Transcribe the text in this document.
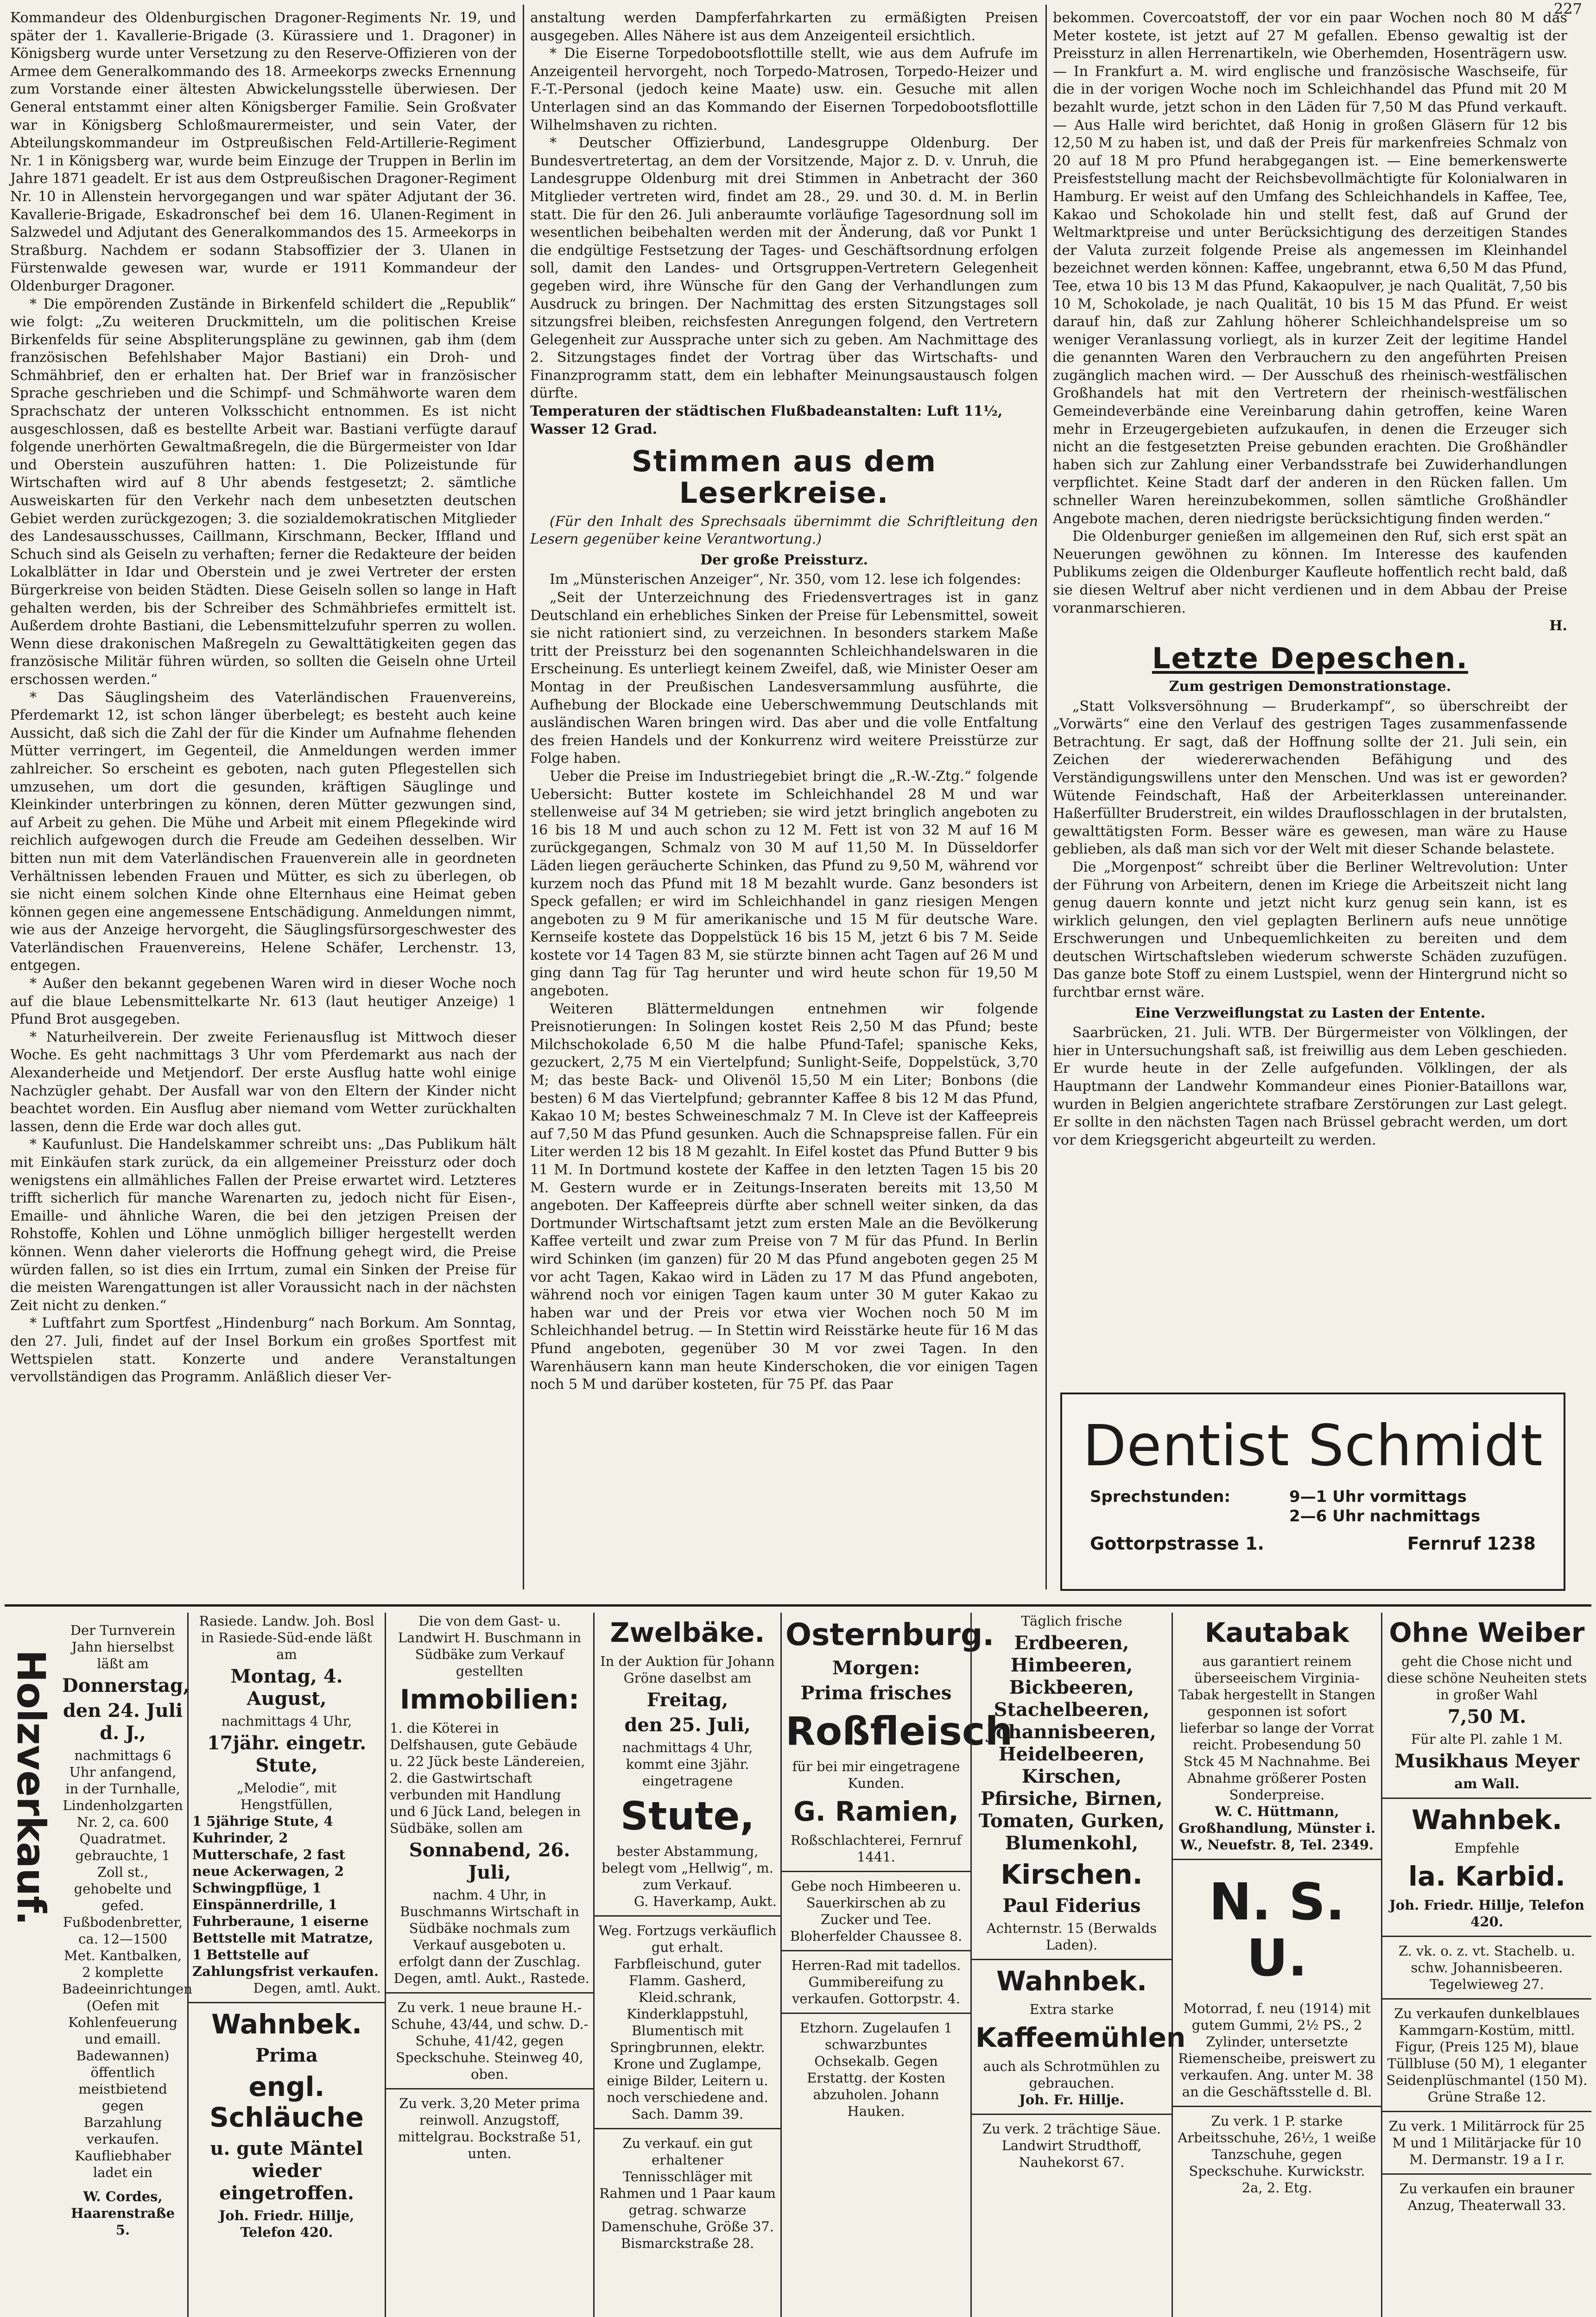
227

Kommandeur des Oldenburgischen Dragoner-Regiments Nr. 19, und später der 1. Kavallerie-Brigade (3. Kürassiere und 1. Dragoner) in Königsberg wurde unter Versetzung zu den Reserve-Offizieren von der Armee dem Generalkommando des 18. Armeekorps zwecks Ernennung zum Vorstande einer ältesten Abwickelungsstelle überwiesen. Der General entstammt einer alten Königsberger Familie. Sein Großvater war in Königsberg Schloßmaurermeister, und sein Vater, der Abteilungskommandeur im Ostpreußischen Feld-Artillerie-Regiment Nr. 1 in Königsberg war, wurde beim Einzuge der Truppen in Berlin im Jahre 1871 geadelt. Er ist aus dem Ostpreußischen Dragoner-Regiment Nr. 10 in Allenstein hervorgegangen und war später Adjutant der 36. Kavallerie-Brigade, Eskadronschef bei dem 16. Ulanen-Regiment in Salzwedel und Adjutant des Generalkommandos des 15. Armeekorps in Straßburg. Nachdem er sodann Stabsoffizier der 3. Ulanen in Fürstenwalde gewesen war, wurde er 1911 Kommandeur der Oldenburger Dragoner.

* Die empörenden Zustände in Birkenfeld schildert die „Republik“ wie folgt: „Zu weiteren Druckmitteln, um die politischen Kreise Birkenfelds für seine Abspliterungspläne zu gewinnen, gab ihm (dem französischen Befehlshaber Major Bastiani) ein Droh- und Schmähbrief, den er erhalten hat. Der Brief war in französischer Sprache geschrieben und die Schimpf- und Schmähworte waren dem Sprachschatz der unteren Volksschicht entnommen. Es ist nicht ausgeschlossen, daß es bestellte Arbeit war. Bastiani verfügte darauf folgende unerhörten Gewaltmaßregeln, die die Bürgermeister von Idar und Oberstein auszuführen hatten: 1. Die Polizeistunde für Wirtschaften wird auf 8 Uhr abends festgesetzt; 2. sämtliche Ausweiskarten für den Verkehr nach dem unbesetzten deutschen Gebiet werden zurückgezogen; 3. die sozialdemokratischen Mitglieder des Landesausschusses, Caillmann, Kirschmann, Becker, Iffland und Schuch sind als Geiseln zu verhaften; ferner die Redakteure der beiden Lokalblätter in Idar und Oberstein und je zwei Vertreter der ersten Bürgerkreise von beiden Städten. Diese Geiseln sollen so lange in Haft gehalten werden, bis der Schreiber des Schmähbriefes ermittelt ist. Außerdem drohte Bastiani, die Lebensmittelzufuhr sperren zu wollen. Wenn diese drakonischen Maßregeln zu Gewalttätigkeiten gegen das französische Militär führen würden, so sollten die Geiseln ohne Urteil erschossen werden.“

* Das Säuglingsheim des Vaterländischen Frauenvereins, Pferdemarkt 12, ist schon länger überbelegt; es besteht auch keine Aussicht, daß sich die Zahl der für die Kinder um Aufnahme flehenden Mütter verringert, im Gegenteil, die Anmeldungen werden immer zahlreicher. So erscheint es geboten, nach guten Pflegestellen sich umzusehen, um dort die gesunden, kräftigen Säuglinge und Kleinkinder unterbringen zu können, deren Mütter gezwungen sind, auf Arbeit zu gehen. Die Mühe und Arbeit mit einem Pflegekinde wird reichlich aufgewogen durch die Freude am Gedeihen desselben. Wir bitten nun mit dem Vaterländischen Frauenverein alle in geordneten Verhältnissen lebenden Frauen und Mütter, es sich zu überlegen, ob sie nicht einem solchen Kinde ohne Elternhaus eine Heimat geben können gegen eine angemessene Entschädigung. Anmeldungen nimmt, wie aus der Anzeige hervorgeht, die Säuglingsfürsorgeschwester des Vaterländischen Frauenvereins, Helene Schäfer, Lerchenstr. 13, entgegen.

* Außer den bekannt gegebenen Waren wird in dieser Woche noch auf die blaue Lebensmittelkarte Nr. 613 (laut heutiger Anzeige) 1 Pfund Brot ausgegeben.

* Naturheilverein. Der zweite Ferienausflug ist Mittwoch dieser Woche. Es geht nachmittags 3 Uhr vom Pferdemarkt aus nach der Alexanderheide und Metjendorf. Der erste Ausflug hatte wohl einige Nachzügler gehabt. Der Ausfall war von den Eltern der Kinder nicht beachtet worden. Ein Ausflug aber niemand vom Wetter zurückhalten lassen, denn die Erde war doch alles gut.

* Kaufunlust. Die Handelskammer schreibt uns: „Das Publikum hält mit Einkäufen stark zurück, da ein allgemeiner Preissturz oder doch wenigstens ein allmähliches Fallen der Preise erwartet wird. Letzteres trifft sicherlich für manche Warenarten zu, jedoch nicht für Eisen-, Emaille- und ähnliche Waren, die bei den jetzigen Preisen der Rohstoffe, Kohlen und Löhne unmöglich billiger hergestellt werden können. Wenn daher vielerorts die Hoffnung gehegt wird, die Preise würden fallen, so ist dies ein Irrtum, zumal ein Sinken der Preise für die meisten Warengattungen ist aller Voraussicht nach in der nächsten Zeit nicht zu denken.“

* Luftfahrt zum Sportfest „Hindenburg“ nach Borkum. Am Sonntag, den 27. Juli, findet auf der Insel Borkum ein großes Sportfest mit Wettspielen statt. Konzerte und andere Veranstaltungen vervollständigen das Programm. Anläßlich dieser Ver-

anstaltung werden Dampferfahrkarten zu ermäßigten Preisen ausgegeben. Alles Nähere ist aus dem Anzeigenteil ersichtlich.

* Die Eiserne Torpedobootsflottille stellt, wie aus dem Aufrufe im Anzeigenteil hervorgeht, noch Torpedo-Matrosen, Torpedo-Heizer und F.-T.-Personal (jedoch keine Maate) usw. ein. Gesuche mit allen Unterlagen sind an das Kommando der Eisernen Torpedobootsflottille Wilhelmshaven zu richten.

* Deutscher Offizierbund, Landesgruppe Oldenburg. Der Bundesvertretertag, an dem der Vorsitzende, Major z. D. v. Unruh, die Landesgruppe Oldenburg mit drei Stimmen in Anbetracht der 360 Mitglieder vertreten wird, findet am 28., 29. und 30. d. M. in Berlin statt. Die für den 26. Juli anberaumte vorläufige Tagesordnung soll im wesentlichen beibehalten werden mit der Änderung, daß vor Punkt 1 die endgültige Festsetzung der Tages- und Geschäftsordnung erfolgen soll, damit den Landes- und Ortsgruppen-Vertretern Gelegenheit gegeben wird, ihre Wünsche für den Gang der Verhandlungen zum Ausdruck zu bringen. Der Nachmittag des ersten Sitzungstages soll sitzungsfrei bleiben, reichsfesten Anregungen folgend, den Vertretern Gelegenheit zur Aussprache unter sich zu geben. Am Nachmittage des 2. Sitzungstages findet der Vortrag über das Wirtschafts- und Finanzprogramm statt, dem ein lebhafter Meinungsaustausch folgen dürfte.

Temperaturen der städtischen Flußbadeanstalten: Luft 11½, Wasser 12 Grad.

Stimmen aus dem Leserkreise.

(Für den Inhalt des Sprechsaals übernimmt die Schriftleitung den Lesern gegenüber keine Verantwortung.)

Der große Preissturz.

Im „Münsterischen Anzeiger“, Nr. 350, vom 12. lese ich folgendes:

„Seit der Unterzeichnung des Friedensvertrages ist in ganz Deutschland ein erhebliches Sinken der Preise für Lebensmittel, soweit sie nicht rationiert sind, zu verzeichnen. In besonders starkem Maße tritt der Preissturz bei den sogenannten Schleichhandelswaren in die Erscheinung. Es unterliegt keinem Zweifel, daß, wie Minister Oeser am Montag in der Preußischen Landesversammlung ausführte, die Aufhebung der Blockade eine Ueberschwemmung Deutschlands mit ausländischen Waren bringen wird. Das aber und die volle Entfaltung des freien Handels und der Konkurrenz wird weitere Preisstürze zur Folge haben.

Ueber die Preise im Industriegebiet bringt die „R.-W.-Ztg.“ folgende Uebersicht: Butter kostete im Schleichhandel 28 M und war stellenweise auf 34 M getrieben; sie wird jetzt bringlich angeboten zu 16 bis 18 M und auch schon zu 12 M. Fett ist von 32 M auf 16 M zurückgegangen, Schmalz von 30 M auf 11,50 M. In Düsseldorfer Läden liegen geräucherte Schinken, das Pfund zu 9,50 M, während vor kurzem noch das Pfund mit 18 M bezahlt wurde. Ganz besonders ist Speck gefallen; er wird im Schleichhandel in ganz riesigen Mengen angeboten zu 9 M für amerikanische und 15 M für deutsche Ware. Kernseife kostete das Doppelstück 16 bis 15 M, jetzt 6 bis 7 M. Seide kostete vor 14 Tagen 83 M, sie stürzte binnen acht Tagen auf 26 M und ging dann Tag für Tag herunter und wird heute schon für 19,50 M angeboten.

Weiteren Blättermeldungen entnehmen wir folgende Preisnotierungen: In Solingen kostet Reis 2,50 M das Pfund; beste Milchschokolade 6,50 M die halbe Pfund-Tafel; spanische Keks, gezuckert, 2,75 M ein Viertelpfund; Sunlight-Seife, Doppelstück, 3,70 M; das beste Back- und Olivenöl 15,50 M ein Liter; Bonbons (die besten) 6 M das Viertelpfund; gebrannter Kaffee 8 bis 12 M das Pfund, Kakao 10 M; bestes Schweineschmalz 7 M. In Cleve ist der Kaffeepreis auf 7,50 M das Pfund gesunken. Auch die Schnapspreise fallen. Für ein Liter werden 12 bis 18 M gezahlt. In Eifel kostet das Pfund Butter 9 bis 11 M. In Dortmund kostete der Kaffee in den letzten Tagen 15 bis 20 M. Gestern wurde er in Zeitungs-Inseraten bereits mit 13,50 M angeboten. Der Kaffeepreis dürfte aber schnell weiter sinken, da das Dortmunder Wirtschaftsamt jetzt zum ersten Male an die Bevölkerung Kaffee verteilt und zwar zum Preise von 7 M für das Pfund. In Berlin wird Schinken (im ganzen) für 20 M das Pfund angeboten gegen 25 M vor acht Tagen, Kakao wird in Läden zu 17 M das Pfund angeboten, während noch vor einigen Tagen kaum unter 30 M guter Kakao zu haben war und der Preis vor etwa vier Wochen noch 50 M im Schleichhandel betrug. — In Stettin wird Reisstärke heute für 16 M das Pfund angeboten, gegenüber 30 M vor zwei Tagen. In den Warenhäusern kann man heute Kinderschoken, die vor einigen Tagen noch 5 M und darüber kosteten, für 75 Pf. das Paar

bekommen. Covercoatstoff, der vor ein paar Wochen noch 80 M das Meter kostete, ist jetzt auf 27 M gefallen. Ebenso gewaltig ist der Preissturz in allen Herrenartikeln, wie Oberhemden, Hosenträgern usw. — In Frankfurt a. M. wird englische und französische Waschseife, für die in der vorigen Woche noch im Schleichhandel das Pfund mit 20 M bezahlt wurde, jetzt schon in den Läden für 7,50 M das Pfund verkauft. — Aus Halle wird berichtet, daß Honig in großen Gläsern für 12 bis 12,50 M zu haben ist, und daß der Preis für markenfreies Schmalz von 20 auf 18 M pro Pfund herabgegangen ist. — Eine bemerkenswerte Preisfeststellung macht der Reichsbevollmächtigte für Kolonialwaren in Hamburg. Er weist auf den Umfang des Schleichhandels in Kaffee, Tee, Kakao und Schokolade hin und stellt fest, daß auf Grund der Weltmarktpreise und unter Berücksichtigung des derzeitigen Standes der Valuta zurzeit folgende Preise als angemessen im Kleinhandel bezeichnet werden können: Kaffee, ungebrannt, etwa 6,50 M das Pfund, Tee, etwa 10 bis 13 M das Pfund, Kakaopulver, je nach Qualität, 7,50 bis 10 M, Schokolade, je nach Qualität, 10 bis 15 M das Pfund. Er weist darauf hin, daß zur Zahlung höherer Schleichhandelspreise um so weniger Veranlassung vorliegt, als in kurzer Zeit der legitime Handel die genannten Waren den Verbrauchern zu den angeführten Preisen zugänglich machen wird. — Der Ausschuß des rheinisch-westfälischen Großhandels hat mit den Vertretern der rheinisch-westfälischen Gemeindeverbände eine Vereinbarung dahin getroffen, keine Waren mehr in Erzeugergebieten aufzukaufen, in denen die Erzeuger sich nicht an die festgesetzten Preise gebunden erachten. Die Großhändler haben sich zur Zahlung einer Verbandsstrafe bei Zuwiderhandlungen verpflichtet. Keine Stadt darf der anderen in den Rücken fallen. Um schneller Waren hereinzubekommen, sollen sämtliche Großhändler Angebote machen, deren niedrigste berücksichtigung finden werden.“

Die Oldenburger genießen im allgemeinen den Ruf, sich erst spät an Neuerungen gewöhnen zu können. Im Interesse des kaufenden Publikums zeigen die Oldenburger Kaufleute hoffentlich recht bald, daß sie diesen Weltruf aber nicht verdienen und in dem Abbau der Preise voranmarschieren.

H.

Letzte Depeschen.

Zum gestrigen Demonstrationstage.

„Statt Volksversöhnung — Bruderkampf“, so überschreibt der „Vorwärts“ eine den Verlauf des gestrigen Tages zusammenfassende Betrachtung. Er sagt, daß der Hoffnung sollte der 21. Juli sein, ein Zeichen der wiedererwachenden Befähigung und des Verständigungswillens unter den Menschen. Und was ist er geworden? Wütende Feindschaft, Haß der Arbeiterklassen untereinander. Haßerfüllter Bruderstreit, ein wildes Drauflosschlagen in der brutalsten, gewalttätigsten Form. Besser wäre es gewesen, man wäre zu Hause geblieben, als daß man sich vor der Welt mit dieser Schande belastete.

Die „Morgenpost“ schreibt über die Berliner Weltrevolution: Unter der Führung von Arbeitern, denen im Kriege die Arbeitszeit nicht lang genug dauern konnte und jetzt nicht kurz genug sein kann, ist es wirklich gelungen, den viel geplagten Berlinern aufs neue unnötige Erschwerungen und Unbequemlichkeiten zu bereiten und dem deutschen Wirtschaftsleben wiederum schwerste Schäden zuzufügen. Das ganze bote Stoff zu einem Lustspiel, wenn der Hintergrund nicht so furchtbar ernst wäre.

Eine Verzweiflungstat zu Lasten der Entente.

Saarbrücken, 21. Juli. WTB. Der Bürgermeister von Völklingen, der hier in Untersuchungshaft saß, ist freiwillig aus dem Leben geschieden. Er wurde heute in der Zelle aufgefunden. Völklingen, der als Hauptmann der Landwehr Kommandeur eines Pionier-Bataillons war, wurden in Belgien angerichtete strafbare Zerstörungen zur Last gelegt. Er sollte in den nächsten Tagen nach Brüssel gebracht werden, um dort vor dem Kriegsgericht abgeurteilt zu werden.

Dentist Schmidt
Sprechstunden:	9—1 Uhr vormittags
2—6 Uhr nachmittags
Gottorpstrasse 1.	Fernruf 1238
Holzverkauf.
Der Turnverein Jahn hierselbst läßt am
Donnerstag,
den 24. Juli d. J.,
nachmittags 6 Uhr anfangend,
in der Turnhalle, Lindenholzgarten Nr. 2, ca. 600 Quadratmet. gebrauchte, 1 Zoll st., gehobelte und gefed. Fußbodenbretter, ca. 12—1500 Met. Kantbalken, 2 komplette Badeeinrichtungen (Oefen mit Kohlenfeuerung und emaill. Badewannen) öffentlich meistbietend gegen Barzahlung verkaufen.
Kaufliebhaber ladet ein
W. Cordes, Haarenstraße 5.
Rasiede. Landw. Joh. Bosl in Rasiede-Süd-ende läßt am
Montag, 4. August,
nachmittags 4 Uhr,
17jähr. eingetr. Stute,
„Melodie“, mit Hengstfüllen,
1 5jährige Stute, 4 Kuhrinder, 2 Mutterschafe, 2 fast neue Ackerwagen, 2 Schwingpflüge, 1 Einspännerdrille, 1 Fuhrberaune, 1 eiserne Bettstelle mit Matratze, 1 Bettstelle auf Zahlungsfrist verkaufen.
Degen, amtl. Aukt.
Wahnbek.
Prima
engl. Schläuche
u. gute Mäntel wieder eingetroffen.
Joh. Friedr. Hillje, Telefon 420.
Die von dem Gast- u. Landwirt H. Buschmann in Südbäke zum Verkauf gestellten
Immobilien:
1. die Köterei in Delfshausen, gute Gebäude u. 22 Jück beste Ländereien, 2. die Gastwirtschaft verbunden mit Handlung und 6 Jück Land, belegen in Südbäke, sollen am
Sonnabend, 26. Juli,
nachm. 4 Uhr, in Buschmanns Wirtschaft in Südbäke nochmals zum Verkauf ausgeboten u. erfolgt dann der Zuschlag.
Degen, amtl. Aukt., Rastede.
Zu verk. 1 neue braune H.-Schuhe, 43/44, und schw. D.-Schuhe, 41/42, gegen Speckschuhe. Steinweg 40, oben.
Zu verk. 3,20 Meter prima reinwoll. Anzugstoff, mittelgrau. Bockstraße 51, unten.
Zwelbäke.
In der Auktion für Johann Gröne daselbst am
Freitag,
den 25. Juli,
nachmittags 4 Uhr, kommt eine 3jähr. eingetragene
Stute,
bester Abstammung, belegt vom „Hellwig“, m. zum Verkauf.
G. Haverkamp, Aukt.
Weg. Fortzugs verkäuflich gut erhalt. Farbfleischund, guter Flamm. Gasherd, Kleid.schrank, Kinderklappstuhl, Blumentisch mit Springbrunnen, elektr. Krone und Zuglampe, einige Bilder, Leitern u. noch verschiedene and. Sach. Damm 39.
Zu verkauf. ein gut erhaltener Tennisschläger mit Rahmen und 1 Paar kaum getrag. schwarze Damenschuhe, Größe 37. Bismarckstraße 28.
Osternburg.
Morgen:
Prima frisches
Roßfleisch
für bei mir eingetragene Kunden.
G. Ramien,
Roßschlachterei, Fernruf 1441.
Gebe noch Himbeeren u. Sauerkirschen ab zu Zucker und Tee. Bloherfelder Chaussee 8.
Herren-Rad mit tadellos. Gummibereifung zu verkaufen. Gottorpstr. 4.
Etzhorn. Zugelaufen 1 schwarzbuntes Ochsekalb. Gegen Erstattg. der Kosten abzuholen. Johann Hauken.
Täglich frische
Erdbeeren, Himbeeren, Bickbeeren, Stachelbeeren, Johannisbeeren, Heidelbeeren, Kirschen, Pfirsiche, Birnen, Tomaten, Gurken, Blumenkohl,
Kirschen.
Paul Fiderius
Achternstr. 15 (Berwalds Laden).
Wahnbek.
Extra starke
Kaffeemühlen
auch als Schrotmühlen zu gebrauchen.
Joh. Fr. Hillje.
Zu verk. 2 trächtige Säue. Landwirt Strudthoff, Nauhekorst 67.
Kautabak
aus garantiert reinem überseeischem Virginia-Tabak hergestellt in Stangen gesponnen ist sofort lieferbar so lange der Vorrat reicht. Probesendung 50 Stck 45 M Nachnahme. Bei Abnahme größerer Posten Sonderpreise.
W. C. Hüttmann, Großhandlung, Münster i. W., Neuefstr. 8, Tel. 2349.
N. S. U.
Motorrad, f. neu (1914) mit gutem Gummi, 2½ PS., 2 Zylinder, untersetzte Riemenscheibe, preiswert zu verkaufen. Ang. unter M. 38 an die Geschäftsstelle d. Bl.
Zu verk. 1 P. starke Arbeitsschuhe, 26½, 1 weiße Tanzschuhe, gegen Speckschuhe. Kurwickstr. 2a, 2. Etg.
Ohne Weiber
geht die Chose nicht und diese schöne Neuheiten stets in großer Wahl
7,50 M.
Für alte Pl. zahle 1 M.
Musikhaus Meyer
am Wall.
Wahnbek.
Empfehle
la. Karbid.
Joh. Friedr. Hillje, Telefon 420.
Z. vk. o. z. vt. Stachelb. u. schw. Johannisbeeren. Tegelwieweg 27.
Zu verkaufen dunkelblaues Kammgarn-Kostüm, mittl. Figur, (Preis 125 M), blaue Tüllbluse (50 M), 1 eleganter Seidenplüschmantel (150 M). Grüne Straße 12.
Zu verk. 1 Militärrock für 25 M und 1 Militärjacke für 10 M. Dermanstr. 19 a I r.
Zu verkaufen ein brauner Anzug, Theaterwall 33.
